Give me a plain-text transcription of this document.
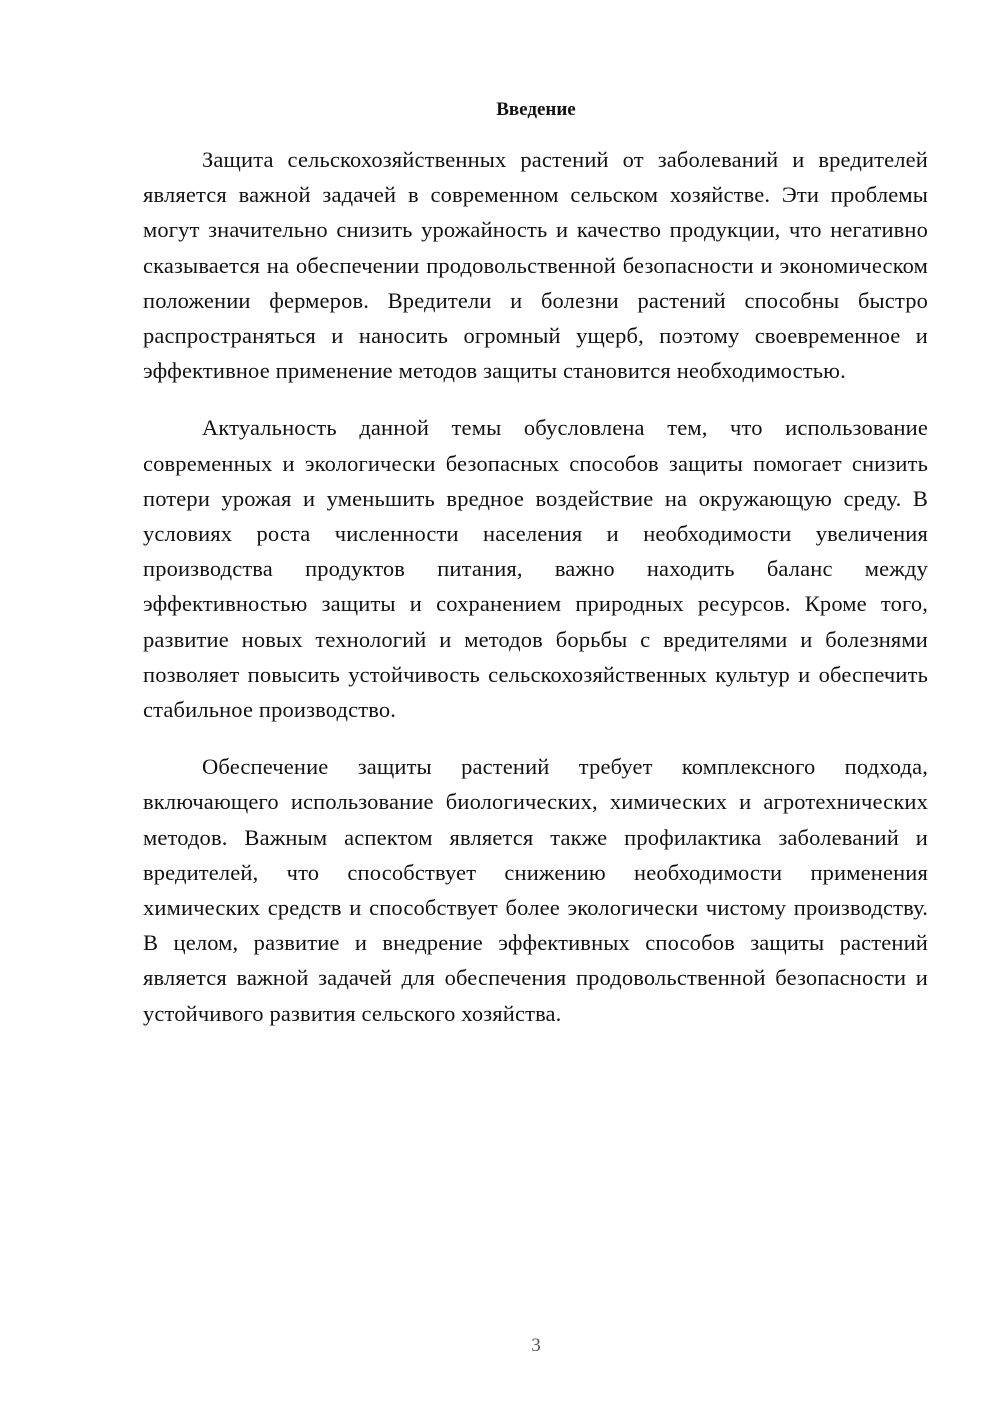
Введение

Защита сельскохозяйственных растений от заболеваний и вредителей является важной задачей в современном сельском хозяйстве. Эти проблемы могут значительно снизить урожайность и качество продукции, что негативно сказывается на обеспечении продовольственной безопасности и экономическом положении фермеров. Вредители и болезни растений способны быстро распространяться и наносить огромный ущерб, поэтому своевременное и эффективное применение методов защиты становится необходимостью.

Актуальность данной темы обусловлена тем, что использование современных и экологически безопасных способов защиты помогает снизить потери урожая и уменьшить вредное воздействие на окружающую среду. В условиях роста численности населения и необходимости увеличения производства продуктов питания, важно находить баланс между эффективностью защиты и сохранением природных ресурсов. Кроме того, развитие новых технологий и методов борьбы с вредителями и болезнями позволяет повысить устойчивость сельскохозяйственных культур и обеспечить стабильное производство.

Обеспечение защиты растений требует комплексного подхода, включающего использование биологических, химических и агротехнических методов. Важным аспектом является также профилактика заболеваний и вредителей, что способствует снижению необходимости применения химических средств и способствует более экологически чистому производству. В целом, развитие и внедрение эффективных способов защиты растений является важной задачей для обеспечения продовольственной безопасности и устойчивого развития сельского хозяйства.

3
